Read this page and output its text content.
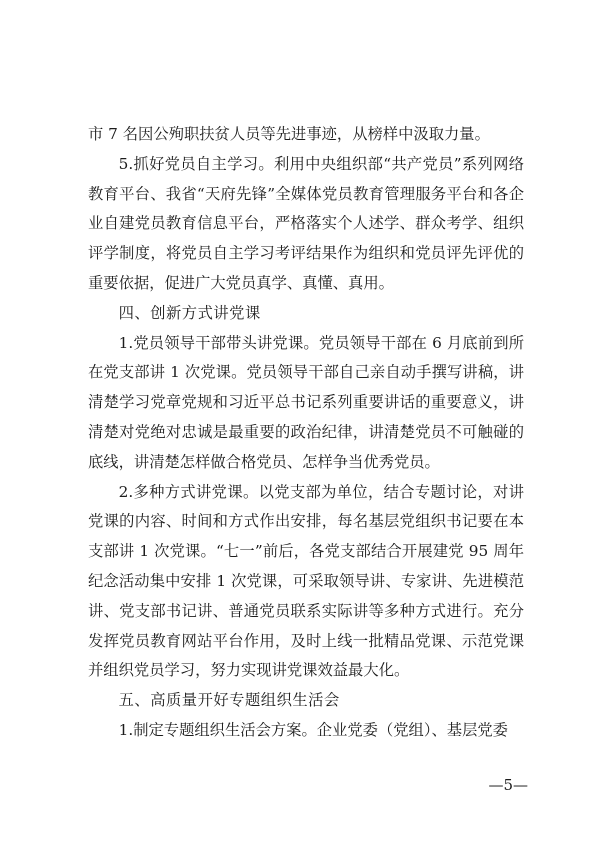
市 7 名因公殉职扶贫人员等先进事迹，从榜样中汲取力量。

5.抓好党员自主学习。利用中央组织部“共产党员”系列网络教育平台、我省“天府先锋”全媒体党员教育管理服务平台和各企业自建党员教育信息平台，严格落实个人述学、群众考学、组织评学制度，将党员自主学习考评结果作为组织和党员评先评优的重要依据，促进广大党员真学、真懂、真用。

四、创新方式讲党课

1.党员领导干部带头讲党课。党员领导干部在 6 月底前到所在党支部讲 1 次党课。党员领导干部自己亲自动手撰写讲稿，讲清楚学习党章党规和习近平总书记系列重要讲话的重要意义，讲清楚对党绝对忠诚是最重要的政治纪律，讲清楚党员不可触碰的底线，讲清楚怎样做合格党员、怎样争当优秀党员。

2.多种方式讲党课。以党支部为单位，结合专题讨论，对讲党课的内容、时间和方式作出安排，每名基层党组织书记要在本支部讲 1 次党课。“七一”前后，各党支部结合开展建党 95 周年纪念活动集中安排 1 次党课，可采取领导讲、专家讲、先进模范讲、党支部书记讲、普通党员联系实际讲等多种方式进行。充分发挥党员教育网站平台作用，及时上线一批精品党课、示范党课并组织党员学习，努力实现讲党课效益最大化。

五、高质量开好专题组织生活会

1.制定专题组织生活会方案。企业党委（党组）、基层党委

—5—
